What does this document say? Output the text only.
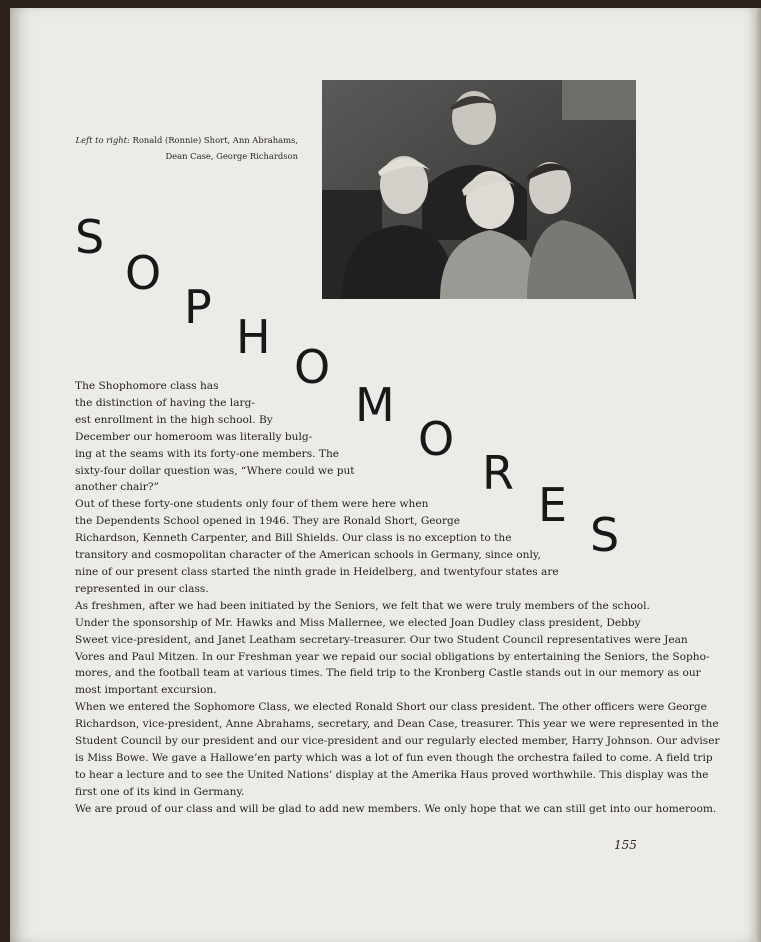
Left to right: Ronald (Ronnie) Short, Ann Abrahams,
Dean Case, George Richardson
S
O
P
H
O
M
O
R
E
S

The Shophomore class has
the distinction of having the larg-
est enrollment in the high school. By
December our homeroom was literally bulg-
ing at the seams with its forty-one members. The
sixty-four dollar question was, “Where could we put
another chair?”

Out of these forty-one students only four of them were here when
the Dependents School opened in 1946. They are Ronald Short, George
Richardson, Kenneth Carpenter, and Bill Shields. Our class is no exception to the
transitory and cosmopolitan character of the American schools in Germany, since only,
nine of our present class started the ninth grade in Heidelberg, and twentyfour states are
represented in our class.

As freshmen, after we had been initiated by the Seniors, we felt that we were truly members of the school.
Under the sponsorship of Mr. Hawks and Miss Mallernee, we elected Joan Dudley class president, Debby
Sweet vice-president, and Janet Leatham secretary-treasurer. Our two Student Council representatives were Jean
Vores and Paul Mitzen. In our Freshman year we repaid our social obligations by entertaining the Seniors, the Sopho-
mores, and the football team at various times. The field trip to the Kronberg Castle stands out in our memory as our
most important excursion.

When we entered the Sophomore Class, we elected Ronald Short our class president. The other officers were George
Richardson, vice-president, Anne Abrahams, secretary, and Dean Case, treasurer. This year we were represented in the
Student Council by our president and our vice-president and our regularly elected member, Harry Johnson. Our adviser
is Miss Bowe. We gave a Hallowe’en party which was a lot of fun even though the orchestra failed to come. A field trip
to hear a lecture and to see the United Nations’ display at the Amerika Haus proved worthwhile. This display was the
first one of its kind in Germany.

We are proud of our class and will be glad to add new members. We only hope that we can still get into our homeroom.

155
